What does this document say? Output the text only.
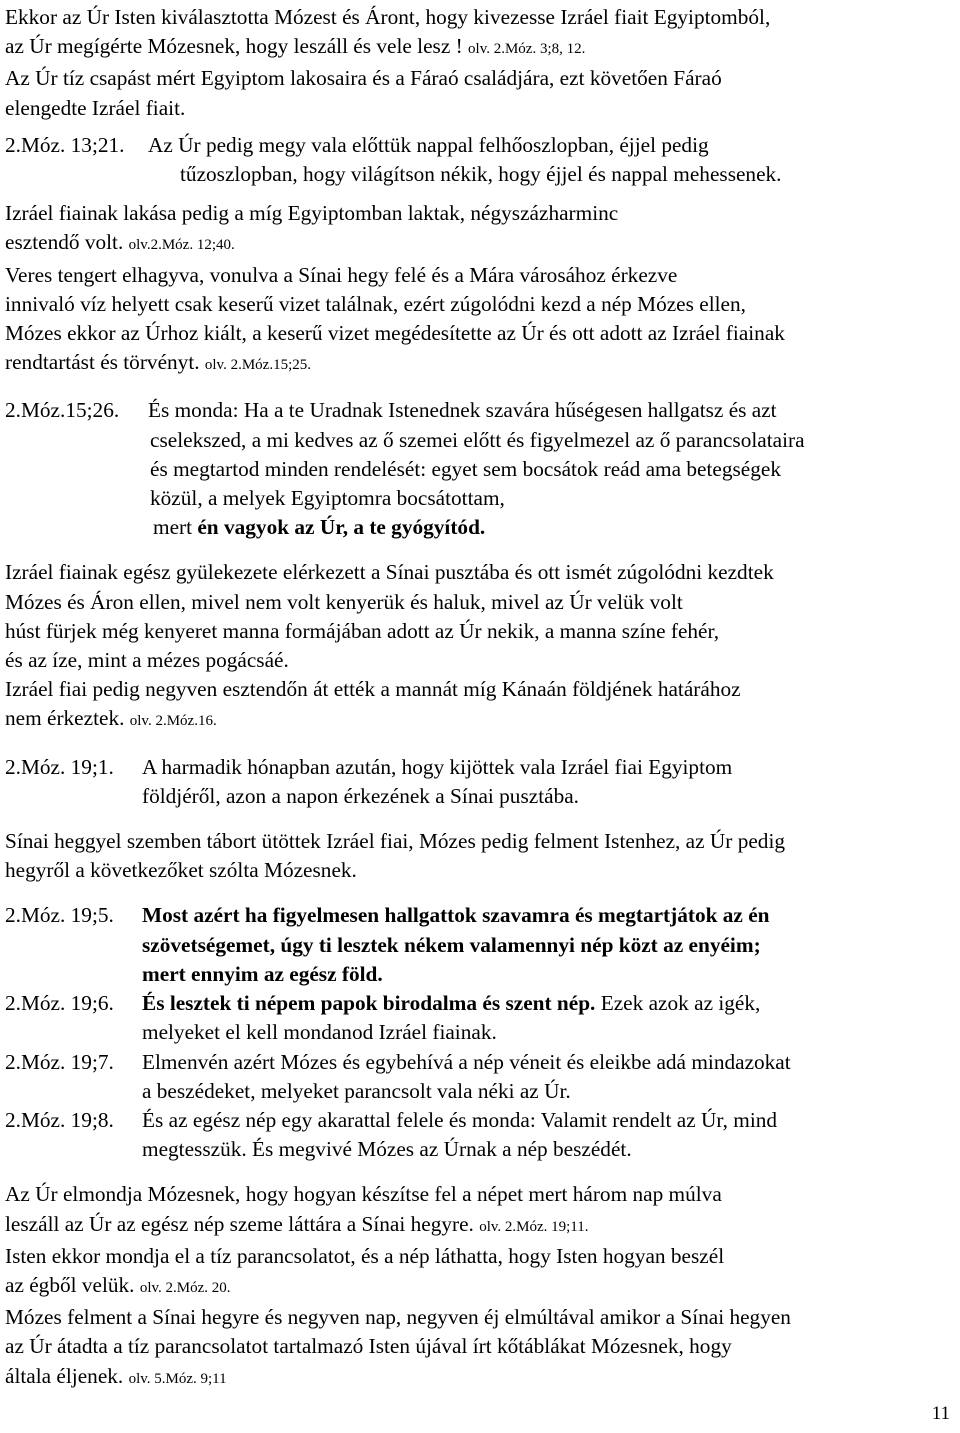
Ekkor az Úr Isten kiválasztotta Mózest és Áront, hogy kivezesse Izráel fiait Egyiptomból,

az Úr megígérte Mózesnek, hogy leszáll és vele lesz ! olv. 2.Móz. 3;8, 12.

Az Úr tíz csapást mért Egyiptom lakosaira és a Fáraó családjára, ezt követően Fáraó

elengedte Izráel fiait.

2.Móz. 13;21. Az Úr pedig megy vala előttük nappal felhőoszlopban, éjjel pedig

tűzoszlopban, hogy világítson nékik, hogy éjjel és nappal mehessenek.

Izráel fiainak lakása pedig a míg Egyiptomban laktak, négyszázharminc

esztendő volt. olv.2.Móz. 12;40.

Veres tengert elhagyva, vonulva a Sínai hegy felé és a Mára városához érkezve

innivaló víz helyett csak keserű vizet találnak, ezért zúgolódni kezd a nép Mózes ellen,

Mózes ekkor az Úrhoz kiált, a keserű vizet megédesítette az Úr és ott adott az Izráel fiainak

rendtartást és törvényt. olv. 2.Móz.15;25.

2.Móz.15;26. És monda: Ha a te Uradnak Istenednek szavára hűségesen hallgatsz és azt

cselekszed, a mi kedves az ő szemei előtt és figyelmezel az ő parancsolataira

és megtartod minden rendelését: egyet sem bocsátok reád ama betegségek

közül, a melyek Egyiptomra bocsátottam,

mert én vagyok az Úr, a te gyógyítód.

Izráel fiainak egész gyülekezete elérkezett a Sínai pusztába és ott ismét zúgolódni kezdtek

Mózes és Áron ellen, mivel nem volt kenyerük és haluk, mivel az Úr velük volt

húst fürjek még kenyeret manna formájában adott az Úr nekik, a manna színe fehér,

és az íze, mint a mézes pogácsáé.

Izráel fiai pedig negyven esztendőn át ették a mannát míg Kánaán földjének határához

nem érkeztek. olv. 2.Móz.16.

2.Móz. 19;1. A harmadik hónapban azután, hogy kijöttek vala Izráel fiai Egyiptom

földjéről, azon a napon érkezének a Sínai pusztába.

Sínai heggyel szemben tábort ütöttek Izráel fiai, Mózes pedig felment Istenhez, az Úr pedig

hegyről a következőket szólta Mózesnek.

2.Móz. 19;5. Most azért ha figyelmesen hallgattok szavamra és megtartjátok az én

szövetségemet, úgy ti lesztek nékem valamennyi nép közt az enyéim;

mert ennyim az egész föld.

2.Móz. 19;6. És lesztek ti népem papok birodalma és szent nép. Ezek azok az igék,

melyeket el kell mondanod Izráel fiainak.

2.Móz. 19;7. Elmenvén azért Mózes és egybehívá a nép véneit és eleikbe adá mindazokat

a beszédeket, melyeket parancsolt vala néki az Úr.

2.Móz. 19;8. És az egész nép egy akarattal felele és monda: Valamit rendelt az Úr, mind

megtesszük. És megvivé Mózes az Úrnak a nép beszédét.

Az Úr elmondja Mózesnek, hogy hogyan készítse fel a népet mert három nap múlva

leszáll az Úr az egész nép szeme láttára a Sínai hegyre. olv. 2.Móz. 19;11.

Isten ekkor mondja el a tíz parancsolatot, és a nép láthatta, hogy Isten hogyan beszél

az égből velük. olv. 2.Móz. 20.

Mózes felment a Sínai hegyre és negyven nap, negyven éj elmúltával amikor a Sínai hegyen

az Úr átadta a tíz parancsolatot tartalmazó Isten újával írt kőtáblákat Mózesnek, hogy

általa éljenek. olv. 5.Móz. 9;11

11
